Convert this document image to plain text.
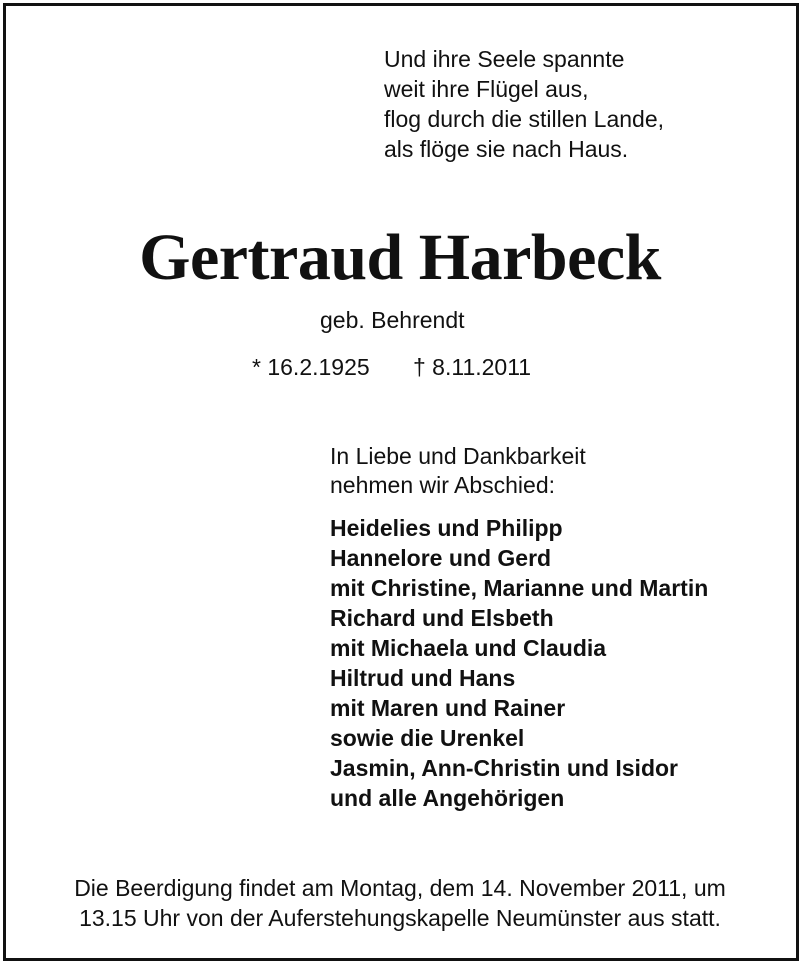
Und ihre Seele spannte
weit ihre Flügel aus,
flog durch die stillen Lande,
als flöge sie nach Haus.
Gertraud Harbeck
geb. Behrendt
* 16.2.1925 † 8.11.2011
In Liebe und Dankbarkeit
nehmen wir Abschied:
Heidelies und Philipp
Hannelore und Gerd
mit Christine, Marianne und Martin
Richard und Elsbeth
mit Michaela und Claudia
Hiltrud und Hans
mit Maren und Rainer
sowie die Urenkel
Jasmin, Ann-Christin und Isidor
und alle Angehörigen
Die Beerdigung findet am Montag, dem 14. November 2011, um
13.15 Uhr von der Auferstehungskapelle Neumünster aus statt.
